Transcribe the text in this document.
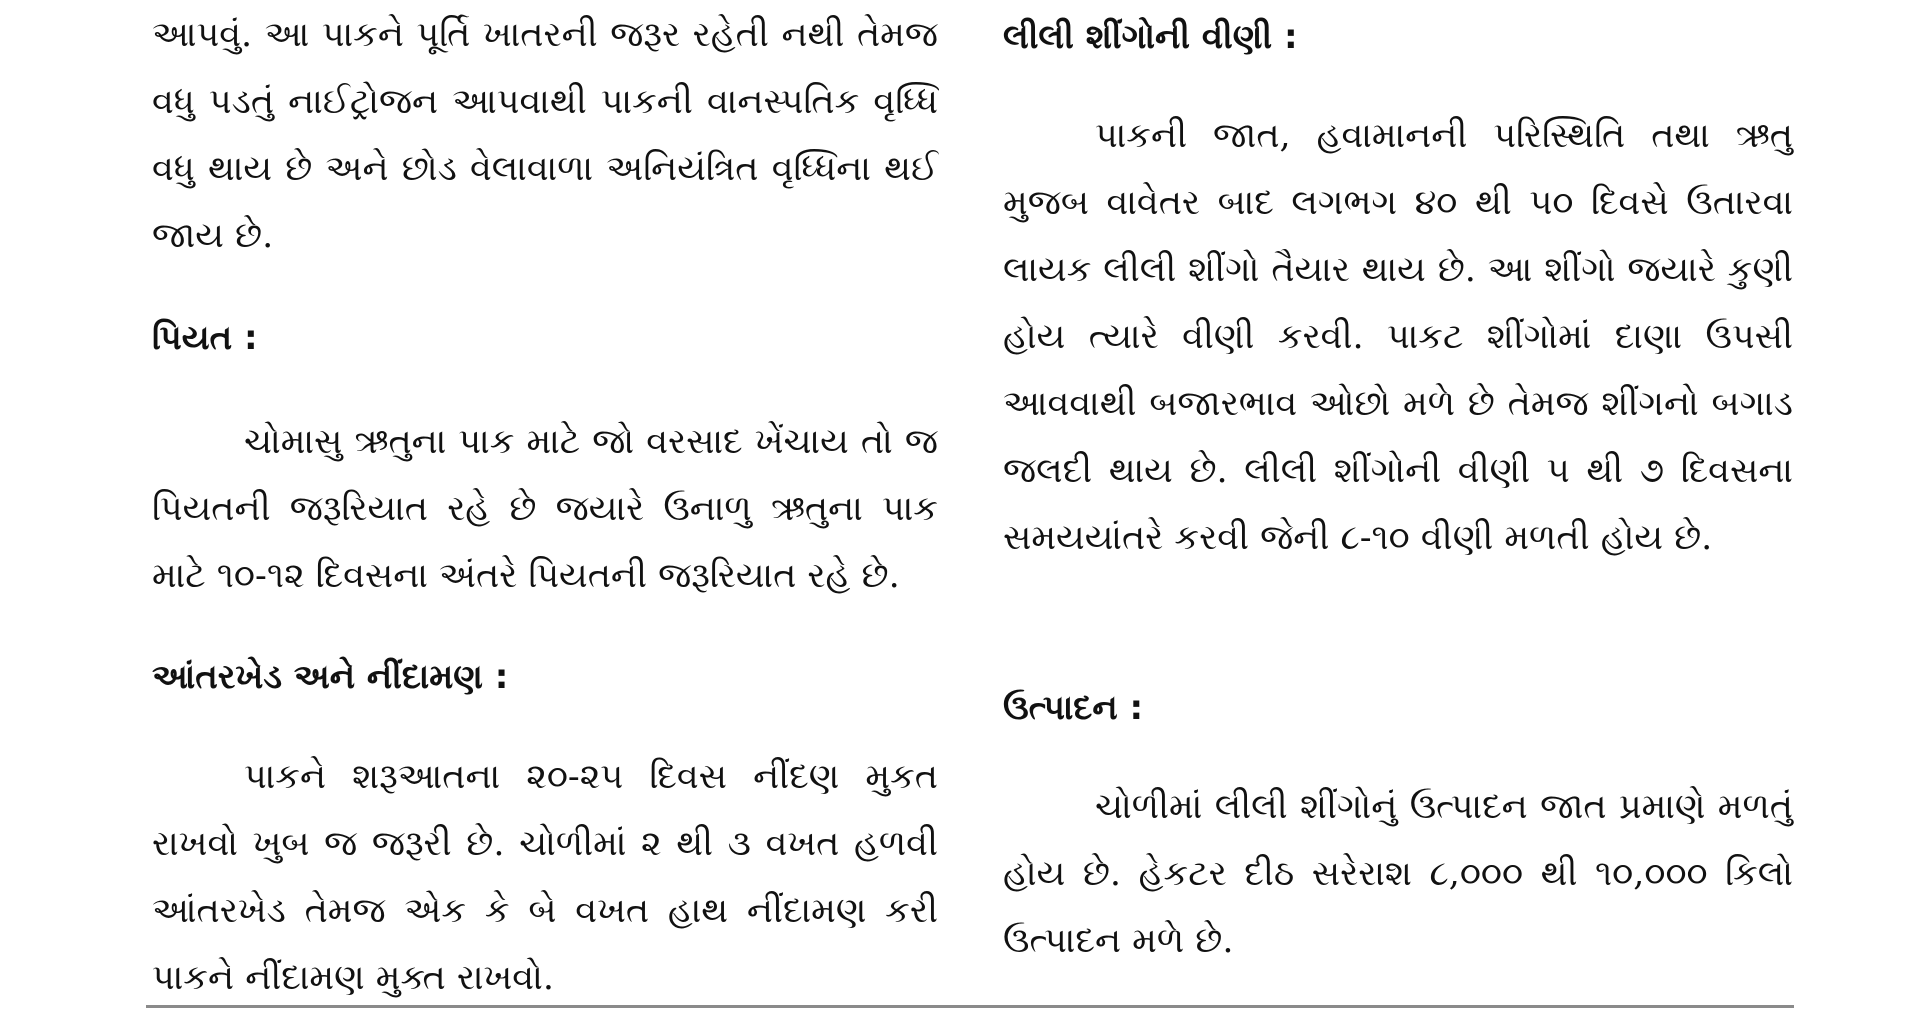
આપવું. આ પાકને પૂર્તિ ખાતરની જરૂર રહેતી નથી તેમજ વધુ પડતું નાઈટ્રોજન આપવાથી પાકની વાનસ્પતિક વૃધ્ધિ વધુ થાય છે અને છોડ વેલાવાળા અનિયંત્રિત વૃધ્ધિના થઈ જાય છે.

પિયત :

ચોમાસુ ઋતુના પાક માટે જો વરસાદ ખેંચાય તો જ પિયતની જરૂરિયાત રહે છે જયારે ઉનાળુ ઋતુના પાક માટે ૧૦-૧૨ દિવસના અંતરે પિયતની જરૂરિયાત રહે છે.

આંતરખેડ અને નીંદામણ :

પાકને શરૂઆતના ૨૦-૨૫ દિવસ નીંદણ મુકત રાખવો ખુબ જ જરૂરી છે. ચોળીમાં ૨ થી ૩ વખત હળવી આંતરખેડ તેમજ એક કે બે વખત હાથ નીંદામણ કરી પાકને નીંદામણ મુક્ત રાખવો.

લીલી શીંગોની વીણી :

પાકની જાત, હવામાનની પરિસ્થિતિ તથા ઋતુ મુજબ વાવેતર બાદ લગભગ ૪૦ થી ૫૦ દિવસે ઉતારવા લાયક લીલી શીંગો તૈયાર થાય છે. આ શીંગો જયારે કુણી હોય ત્યારે વીણી કરવી. પાકટ શીંગોમાં દાણા ઉપસી આવવાથી બજારભાવ ઓછો મળે છે તેમજ શીંગનો બગાડ જલદી થાય છે. લીલી શીંગોની વીણી ૫ થી ૭ દિવસના સમયયાંતરે કરવી જેની ૮-૧૦ વીણી મળતી હોય છે.

ઉત્પાદન :

ચોળીમાં લીલી શીંગોનું ઉત્પાદન જાત પ્રમાણે મળતું હોય છે. હેકટર દીઠ સરેરાશ ૮,૦૦૦ થી ૧૦,૦૦૦ કિલો ઉત્પાદન મળે છે.
